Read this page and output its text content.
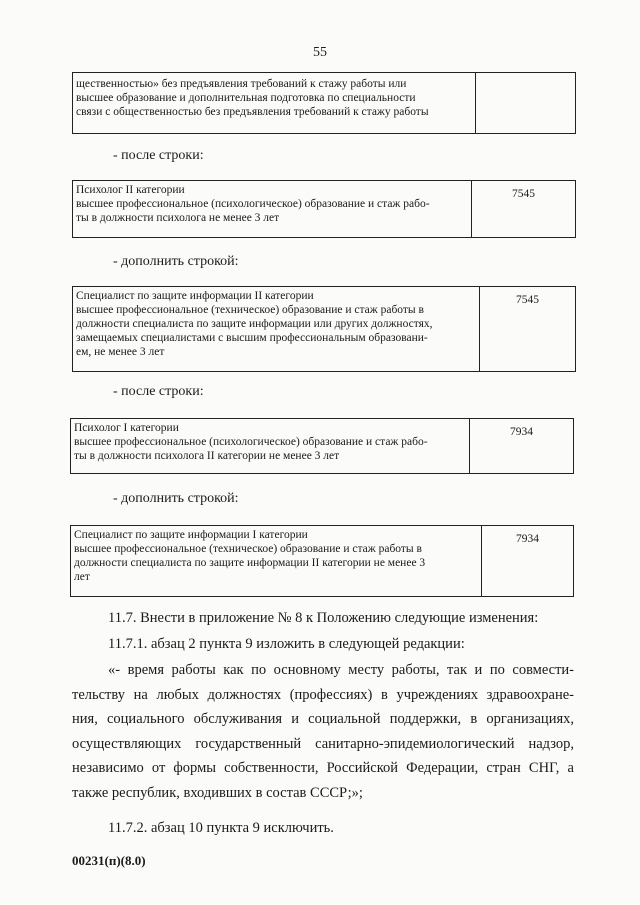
55
щественностью» без предъявления требований к стажу работы или
высшее образование и дополнительная подготовка по специальности
связи с общественностью без предъявления требований к стажу работы

- после строки:
Психолог II категории
высшее профессиональное (психологическое) образование и стаж рабо-
ты в должности психолога не менее 3 лет
	7545
- дополнить строкой:
Специалист по защите информации II категории
высшее профессиональное (техническое) образование и стаж работы в
должности специалиста по защите информации или других должностях,
замещаемых специалистами с высшим профессиональным образовани-
ем, не менее 3 лет
	7545
- после строки:
Психолог I категории
высшее профессиональное (психологическое) образование и стаж рабо-
ты в должности психолога II категории не менее 3 лет
	7934
- дополнить строкой:
Специалист по защите информации I категории
высшее профессиональное (техническое) образование и стаж работы в
должности специалиста по защите информации II категории не менее 3
лет
	7934
11.7. Внести в приложение № 8 к Положению следующие изменения:
11.7.1. абзац 2 пункта 9 изложить в следующей редакции:
«- время работы как по основному месту работы, так и по совмести-
тельству на любых должностях (профессиях) в учреждениях здравоохране-
ния, социального обслуживания и социальной поддержки, в организациях,
осуществляющих государственный санитарно-эпидемиологический надзор,
независимо от формы собственности, Российской Федерации, стран СНГ, а
также республик, входивших в состав СССР;»;
11.7.2. абзац 10 пункта 9 исключить.
00231(п)(8.0)
